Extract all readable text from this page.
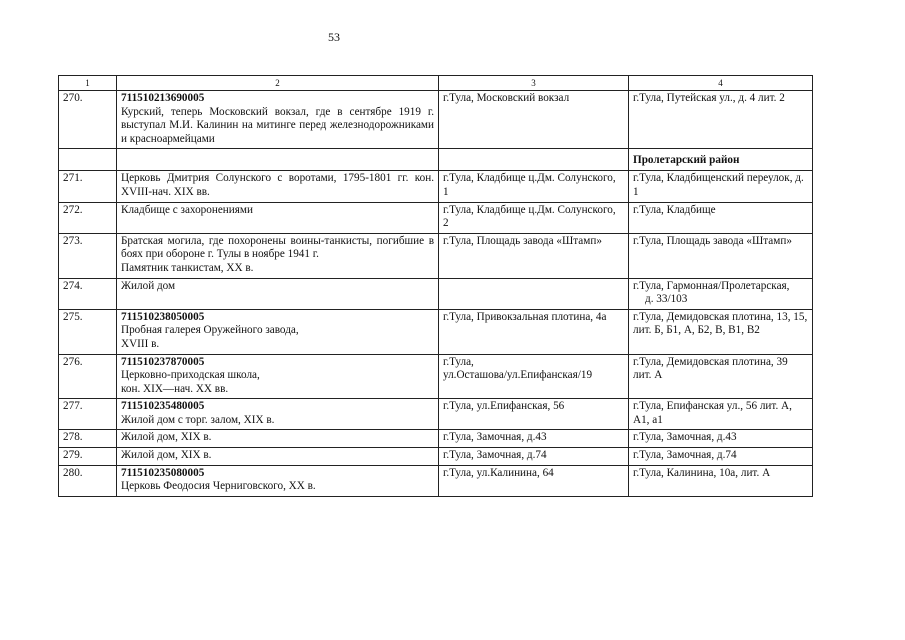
53
1	2	3	4
270.	711510213690005
Курский, теперь Московский вокзал, где в сентябре 1919 г. выступал М.И. Калинин на митинге перед железнодорожниками и красноармейцами	г.Тула, Московский вокзал	г.Тула, Путейская ул., д. 4 лит. 2

			Пролетарский район

271.	Церковь Дмитрия Солунского с воротами, 1795-1801 гг. кон. XVIII-нач. XIX вв.	г.Тула, Кладбище ц.Дм. Солунского, 1	г.Тула, Кладбищенский переулок, д. 1
272.	Кладбище с захоронениями	г.Тула, Кладбище ц.Дм. Солунского, 2	г.Тула, Кладбище
273.	Братская могила, где похоронены воины-танкисты, погибшие в боях при обороне г. Тулы в ноябре 1941 г.
Памятник танкистам, XX в.	г.Тула, Площадь завода «Штамп»	г.Тула, Площадь завода «Штамп»
274.	Жилой дом		г.Тула, Гармонная/Пролетарская,
д. 33/103

275.	711510238050005
Пробная галерея Оружейного завода,
XVIII в.	г.Тула, Привокзальная плотина, 4а	г.Тула, Демидовская плотина, 13, 15, лит. Б, Б1, А, Б2, В, В1, В2
276.	711510237870005
Церковно-приходская школа,
кон. XIX—нач. XX вв.	г.Тула,
ул.Осташова/ул.Епифанская/19	г.Тула, Демидовская плотина, 39 лит. А
277.	711510235480005
Жилой дом с торг. залом, XIX в.	г.Тула, ул.Епифанская, 56	г.Тула, Епифанская ул., 56 лит. А, А1, а1
278.	Жилой дом, XIX в.	г.Тула, Замочная, д.43	г.Тула, Замочная, д.43
279.	Жилой дом, XIX в.	г.Тула, Замочная, д.74	г.Тула, Замочная, д.74
280.	711510235080005
Церковь Феодосия Черниговского, XX в.	г.Тула, ул.Калинина, 64	г.Тула, Калинина, 10а, лит. А
